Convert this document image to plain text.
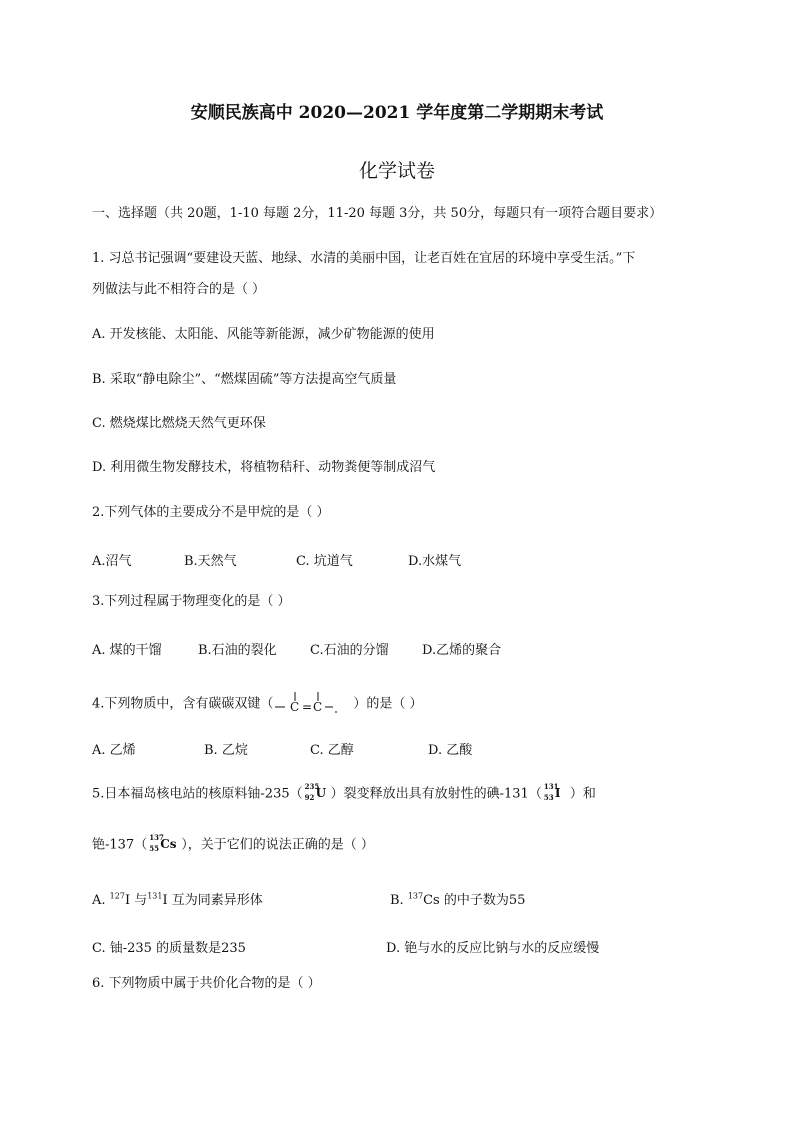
安顺民族高中 2020—2021 学年度第二学期期末考试
化学试卷
一、选择题（共 20题，1-10 每题 2分，11-20 每题 3分，共 50分，每题只有一项符合题目要求）
1. 习总书记强调“要建设天蓝、地绿、水清的美丽中国，让老百姓在宜居的环境中享受生活。”下
列做法与此不相符合的是（ ）
A. 开发核能、太阳能、风能等新能源，减少矿物能源的使用
B. 采取“静电除尘”、“燃煤固硫”等方法提高空气质量
C. 燃烧煤比燃烧天然气更环保
D. 利用微生物发酵技术，将植物秸秆、动物粪便等制成沼气
2.下列气体的主要成分不是甲烷的是（ ）
A.沼气	B.天然气	C. 坑道气	D.水煤气
3.下列过程属于物理变化的是（ ）
A. 煤的干馏	B.石油的裂化	C.石油的分馏	D.乙烯的聚合
4.下列物质中，含有碳碳双键（ C = C ）的是（ ）
A. 乙烯	B. 乙烷	C. 乙醇	D. 乙酸
5.日本福岛核电站的核原料铀-235（ 235
92 U ）裂变释放出具有放射性的碘-131（ 131
53 I ）和
铯-137（ 137
55 Cs ），关于它们的说法正确的是（ ）
A. $^{127}$I 与$^{131}$I 互为同素异形体	B. $^{137}$Cs 的中子数为55
C. 铀-235 的质量数是235	D. 铯与水的反应比钠与水的反应缓慢
6. 下列物质中属于共价化合物的是（ ）
